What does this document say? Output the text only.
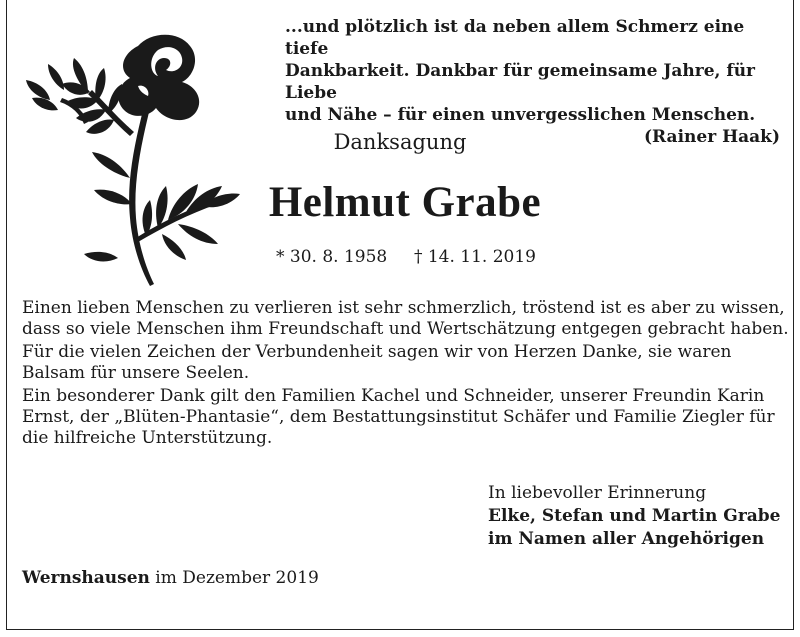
...und plötzlich ist da neben allem Schmerz eine tiefe
Dankbarkeit. Dankbar für gemeinsame Jahre, für Liebe
und Nähe – für einen unvergesslichen Menschen.
(Rainer Haak)
Danksagung
Helmut Grabe
* 30. 8. 1958 † 14. 11. 2019

Einen lieben Menschen zu verlieren ist sehr schmerzlich, tröstend ist es aber zu wissen, dass so viele Menschen ihm Freundschaft und Wertschätzung entgegen gebracht haben.

Für die vielen Zeichen der Verbundenheit sagen wir von Herzen Danke, sie waren Balsam für unsere Seelen.

Ein besonderer Dank gilt den Familien Kachel und Schneider, unserer Freundin Karin Ernst, der „Blüten-Phantasie“, dem Bestattungsinstitut Schäfer und Familie Ziegler für die hilfreiche Unterstützung.

In liebevoller Erinnerung
Elke, Stefan und Martin Grabe
im Namen aller Angehörigen
Wernshausen im Dezember 2019
